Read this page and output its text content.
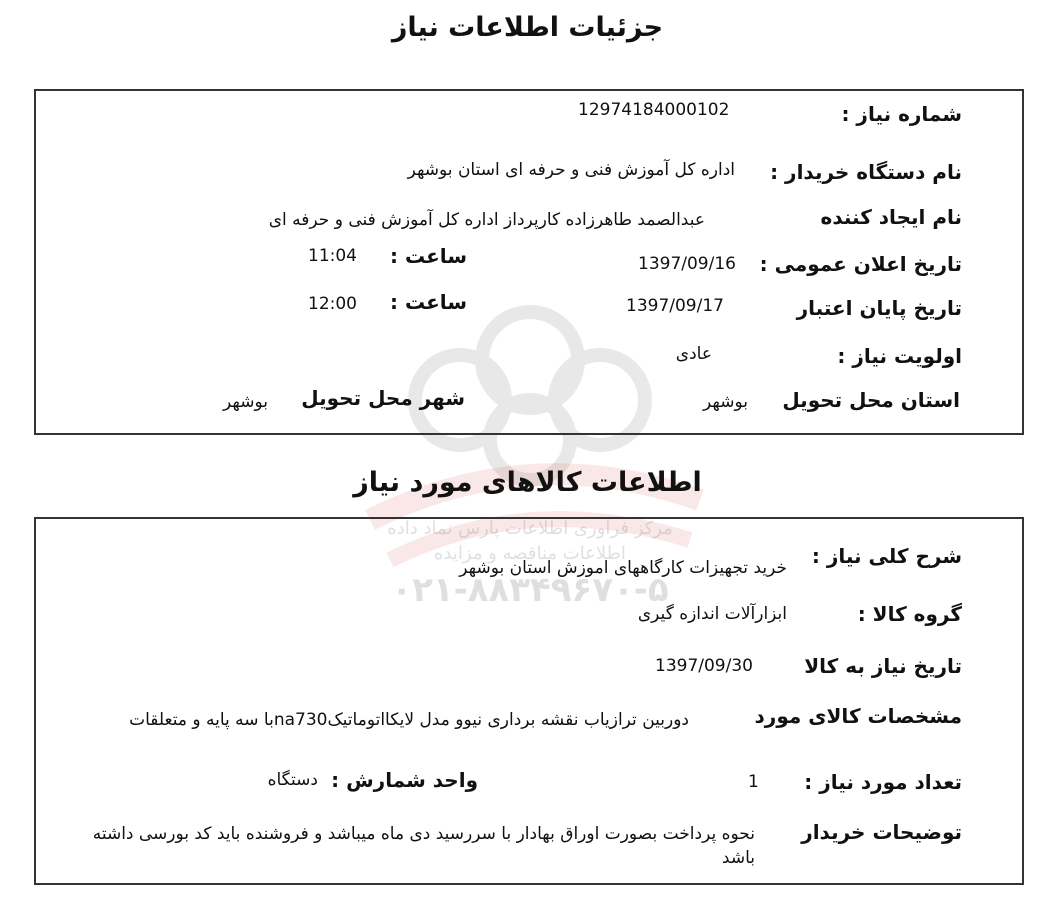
مرکز فرآوری اطلاعات پارس نماد داده
اطلاعات مناقصه و مزایده
۰۲۱-۸۸۳۴۹۶۷۰-۵
جزئیات اطلاعات نیاز
اطلاعات کالاهای مورد نیاز
شماره نیاز :
12974184000102
نام دستگاه خریدار :
اداره کل آموزش فنی و حرفه ای استان بوشهر
نام ایجاد کننده
عبدالصمد طاهرزاده کارپرداز اداره کل آموزش فنی و حرفه ای
تاریخ اعلان عمومی :
1397/09/16
ساعت :
11:04
تاریخ پایان اعتبار
1397/09/17
ساعت :
12:00
اولویت نیاز :
عادی
استان محل تحویل
بوشهر
شهر محل تحویل
بوشهر
شرح کلی نیاز :
خرید تجهیزات کارگاههای اموزش استان بوشهر
گروه کالا :
ابزارآلات اندازه گیری
تاریخ نیاز به کالا
1397/09/30
مشخصات کالای مورد
دوربین ترازیاب نقشه برداری نیوو مدل لایکااتوماتیکna730با سه پایه و متعلقات
تعداد مورد نیاز :
1
واحد شمارش :
دستگاه
توضیحات خریدار
نحوه پرداخت بصورت اوراق بهادار با سررسید دی ماه میباشد و فروشنده باید کد بورسی داشته باشد
